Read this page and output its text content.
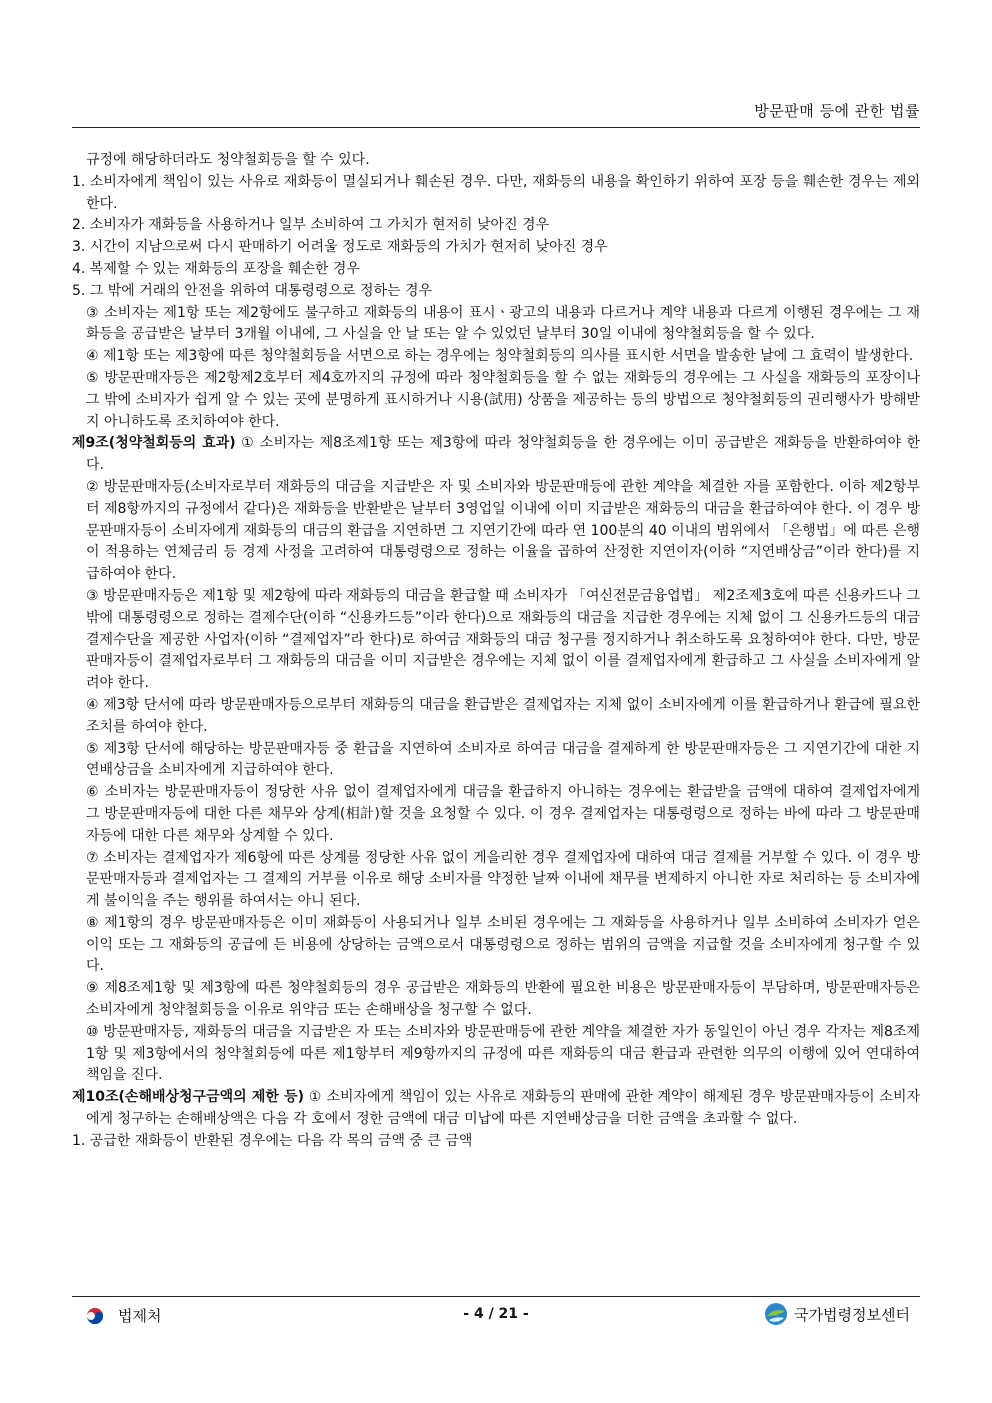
방문판매 등에 관한 법률

규정에 해당하더라도 청약철회등을 할 수 있다.

1. 소비자에게 책임이 있는 사유로 재화등이 멸실되거나 훼손된 경우. 다만, 재화등의 내용을 확인하기 위하여 포장 등을 훼손한 경우는 제외한다.

2. 소비자가 재화등을 사용하거나 일부 소비하여 그 가치가 현저히 낮아진 경우

3. 시간이 지남으로써 다시 판매하기 어려울 정도로 재화등의 가치가 현저히 낮아진 경우

4. 복제할 수 있는 재화등의 포장을 훼손한 경우

5. 그 밖에 거래의 안전을 위하여 대통령령으로 정하는 경우

③ 소비자는 제1항 또는 제2항에도 불구하고 재화등의 내용이 표시ㆍ광고의 내용과 다르거나 계약 내용과 다르게 이행된 경우에는 그 재화등을 공급받은 날부터 3개월 이내에, 그 사실을 안 날 또는 알 수 있었던 날부터 30일 이내에 청약철회등을 할 수 있다.

④ 제1항 또는 제3항에 따른 청약철회등을 서면으로 하는 경우에는 청약철회등의 의사를 표시한 서면을 발송한 날에 그 효력이 발생한다.

⑤ 방문판매자등은 제2항제2호부터 제4호까지의 규정에 따라 청약철회등을 할 수 없는 재화등의 경우에는 그 사실을 재화등의 포장이나 그 밖에 소비자가 쉽게 알 수 있는 곳에 분명하게 표시하거나 시용(試用) 상품을 제공하는 등의 방법으로 청약철회등의 권리행사가 방해받지 아니하도록 조치하여야 한다.

제9조(청약철회등의 효과) ① 소비자는 제8조제1항 또는 제3항에 따라 청약철회등을 한 경우에는 이미 공급받은 재화등을 반환하여야 한다.

② 방문판매자등(소비자로부터 재화등의 대금을 지급받은 자 및 소비자와 방문판매등에 관한 계약을 체결한 자를 포함한다. 이하 제2항부터 제8항까지의 규정에서 같다)은 재화등을 반환받은 날부터 3영업일 이내에 이미 지급받은 재화등의 대금을 환급하여야 한다. 이 경우 방문판매자등이 소비자에게 재화등의 대금의 환급을 지연하면 그 지연기간에 따라 연 100분의 40 이내의 범위에서 「은행법」에 따른 은행이 적용하는 연체금리 등 경제 사정을 고려하여 대통령령으로 정하는 이율을 곱하여 산정한 지연이자(이하 “지연배상금”이라 한다)를 지급하여야 한다.

③ 방문판매자등은 제1항 및 제2항에 따라 재화등의 대금을 환급할 때 소비자가 「여신전문금융업법」 제2조제3호에 따른 신용카드나 그 밖에 대통령령으로 정하는 결제수단(이하 “신용카드등”이라 한다)으로 재화등의 대금을 지급한 경우에는 지체 없이 그 신용카드등의 대금 결제수단을 제공한 사업자(이하 “결제업자”라 한다)로 하여금 재화등의 대금 청구를 정지하거나 취소하도록 요청하여야 한다. 다만, 방문판매자등이 결제업자로부터 그 재화등의 대금을 이미 지급받은 경우에는 지체 없이 이를 결제업자에게 환급하고 그 사실을 소비자에게 알려야 한다.

④ 제3항 단서에 따라 방문판매자등으로부터 재화등의 대금을 환급받은 결제업자는 지체 없이 소비자에게 이를 환급하거나 환급에 필요한 조치를 하여야 한다.

⑤ 제3항 단서에 해당하는 방문판매자등 중 환급을 지연하여 소비자로 하여금 대금을 결제하게 한 방문판매자등은 그 지연기간에 대한 지연배상금을 소비자에게 지급하여야 한다.

⑥ 소비자는 방문판매자등이 정당한 사유 없이 결제업자에게 대금을 환급하지 아니하는 경우에는 환급받을 금액에 대하여 결제업자에게 그 방문판매자등에 대한 다른 채무와 상계(相計)할 것을 요청할 수 있다. 이 경우 결제업자는 대통령령으로 정하는 바에 따라 그 방문판매자등에 대한 다른 채무와 상계할 수 있다.

⑦ 소비자는 결제업자가 제6항에 따른 상계를 정당한 사유 없이 게을리한 경우 결제업자에 대하여 대금 결제를 거부할 수 있다. 이 경우 방문판매자등과 결제업자는 그 결제의 거부를 이유로 해당 소비자를 약정한 날짜 이내에 채무를 변제하지 아니한 자로 처리하는 등 소비자에게 불이익을 주는 행위를 하여서는 아니 된다.

⑧ 제1항의 경우 방문판매자등은 이미 재화등이 사용되거나 일부 소비된 경우에는 그 재화등을 사용하거나 일부 소비하여 소비자가 얻은 이익 또는 그 재화등의 공급에 든 비용에 상당하는 금액으로서 대통령령으로 정하는 범위의 금액을 지급할 것을 소비자에게 청구할 수 있다.

⑨ 제8조제1항 및 제3항에 따른 청약철회등의 경우 공급받은 재화등의 반환에 필요한 비용은 방문판매자등이 부담하며, 방문판매자등은 소비자에게 청약철회등을 이유로 위약금 또는 손해배상을 청구할 수 없다.

⑩ 방문판매자등, 재화등의 대금을 지급받은 자 또는 소비자와 방문판매등에 관한 계약을 체결한 자가 동일인이 아닌 경우 각자는 제8조제1항 및 제3항에서의 청약철회등에 따른 제1항부터 제9항까지의 규정에 따른 재화등의 대금 환급과 관련한 의무의 이행에 있어 연대하여 책임을 진다.

제10조(손해배상청구금액의 제한 등) ① 소비자에게 책임이 있는 사유로 재화등의 판매에 관한 계약이 해제된 경우 방문판매자등이 소비자에게 청구하는 손해배상액은 다음 각 호에서 정한 금액에 대금 미납에 따른 지연배상금을 더한 금액을 초과할 수 없다.

1. 공급한 재화등이 반환된 경우에는 다음 각 목의 금액 중 큰 금액

법제처	- 4 / 21 -	국가법령정보센터
